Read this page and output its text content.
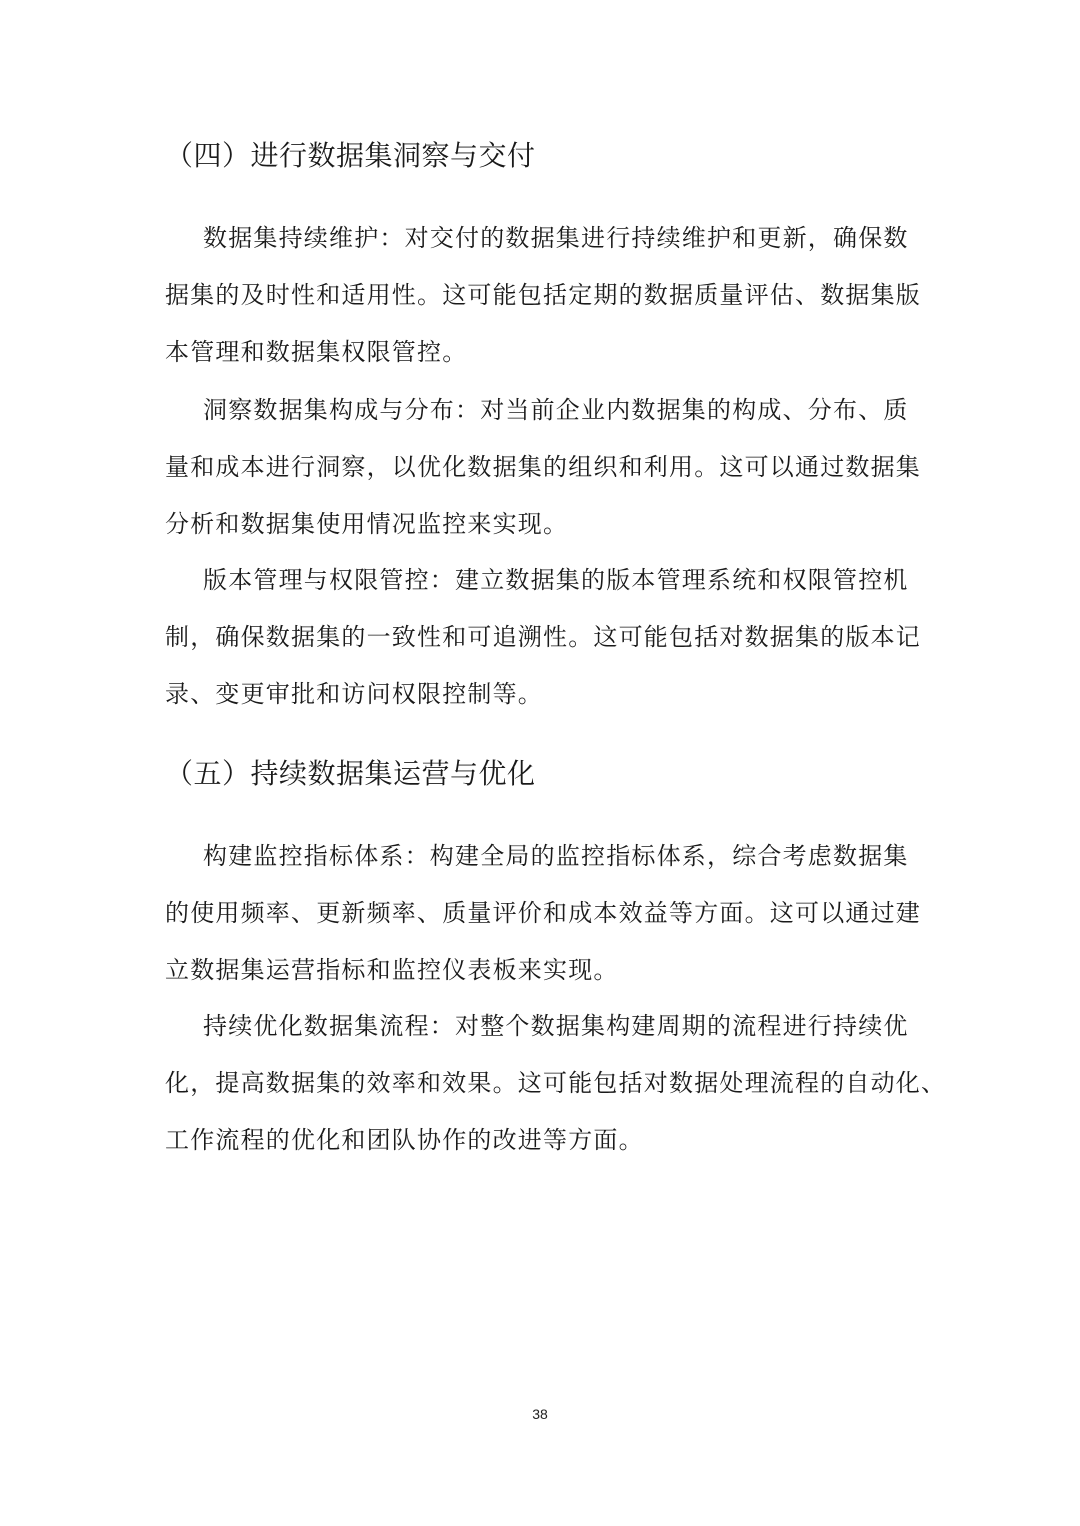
（四）进行数据集洞察与交付
数据集持续维护：对交付的数据集进行持续维护和更新，确保数
据集的及时性和适用性。这可能包括定期的数据质量评估、数据集版
本管理和数据集权限管控。
洞察数据集构成与分布：对当前企业内数据集的构成、分布、质
量和成本进行洞察，以优化数据集的组织和利用。这可以通过数据集
分析和数据集使用情况监控来实现。
版本管理与权限管控：建立数据集的版本管理系统和权限管控机
制，确保数据集的一致性和可追溯性。这可能包括对数据集的版本记
录、变更审批和访问权限控制等。
（五）持续数据集运营与优化
构建监控指标体系：构建全局的监控指标体系，综合考虑数据集
的使用频率、更新频率、质量评价和成本效益等方面。这可以通过建
立数据集运营指标和监控仪表板来实现。
持续优化数据集流程：对整个数据集构建周期的流程进行持续优
化，提高数据集的效率和效果。这可能包括对数据处理流程的自动化、
工作流程的优化和团队协作的改进等方面。
38
